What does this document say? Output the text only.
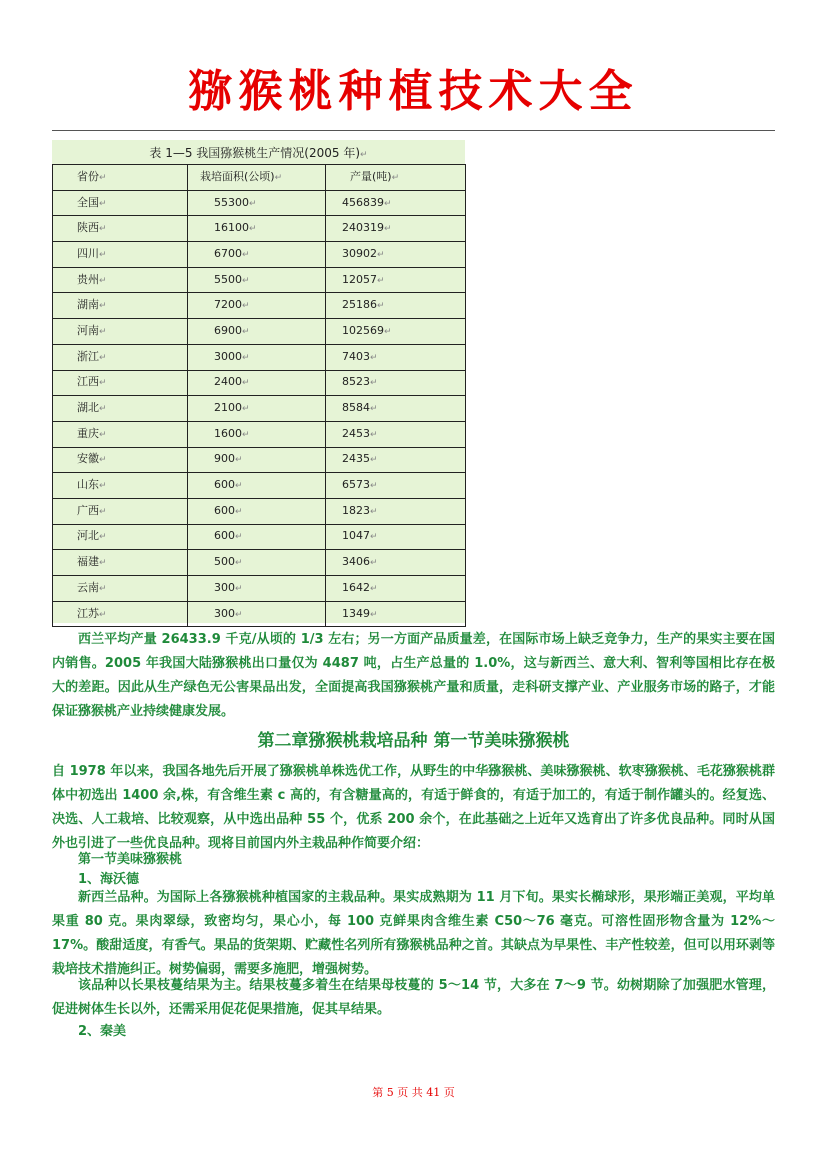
猕猴桃种植技术大全
表 1—5 我国猕猴桃生产情况(2005 年)↵
省份↵	栽培面积(公顷)↵	产量(吨)↵
全国↵	55300↵	456839↵
陕西↵	16100↵	240319↵
四川↵	6700↵	30902↵
贵州↵	5500↵	12057↵
湖南↵	7200↵	25186↵
河南↵	6900↵	102569↵
浙江↵	3000↵	7403↵
江西↵	2400↵	8523↵
湖北↵	2100↵	8584↵
重庆↵	1600↵	2453↵
安徽↵	900↵	2435↵
山东↵	600↵	6573↵
广西↵	600↵	1823↵
河北↵	600↵	1047↵
福建↵	500↵	3406↵
云南↵	300↵	1642↵
江苏↵	300↵	1349↵
西兰平均产量 26433.9 千克/从顷的 1/3 左右；另一方面产品质量差，在国际市场上缺乏竞争力，生产的果实主要在国内销售。2005 年我国大陆猕猴桃出口量仅为 4487 吨，占生产总量的 1.0%，这与新西兰、意大利、智利等国相比存在极大的差距。因此从生产绿色无公害果品出发，全面提高我国猕猴桃产量和质量，走科研支撑产业、产业服务市场的路子，才能保证猕猴桃产业持续健康发展。
第二章猕猴桃栽培品种 第一节美味猕猴桃
自 1978 年以来，我国各地先后开展了猕猴桃单株选优工作，从野生的中华猕猴桃、美味猕猴桃、软枣猕猴桃、毛花猕猴桃群体中初选出 1400 余,株，有含维生素 c 高的，有含糖量高的，有适于鲜食的，有适于加工的，有适于制作罐头的。经复选、决选、人工栽培、比较观察，从中选出品种 55 个，优系 200 余个，在此基础之上近年又选育出了许多优良品种。同时从国外也引进了一些优良品种。现将目前国内外主栽品种作简要介绍：
第一节美味猕猴桃
1、海沃德
新西兰品种。为国际上各猕猴桃种植国家的主栽品种。果实成熟期为 11 月下旬。果实长椭球形，果形端正美观，平均单果重 80 克。果肉翠绿，致密均匀，果心小，每 100 克鲜果肉含维生素 C50～76 毫克。可溶性固形物含量为 12%～17%。酸甜适度，有香气。果品的货架期、贮藏性名列所有猕猴桃品种之首。其缺点为早果性、丰产性较差，但可以用环剥等栽培技术措施纠正。树势偏弱，需要多施肥，增强树势。
该品种以长果枝蔓结果为主。结果枝蔓多着生在结果母枝蔓的 5～14 节，大多在 7～9 节。幼树期除了加强肥水管理，促进树体生长以外，还需采用促花促果措施，促其早结果。
2、秦美
第 5 页 共 41 页
